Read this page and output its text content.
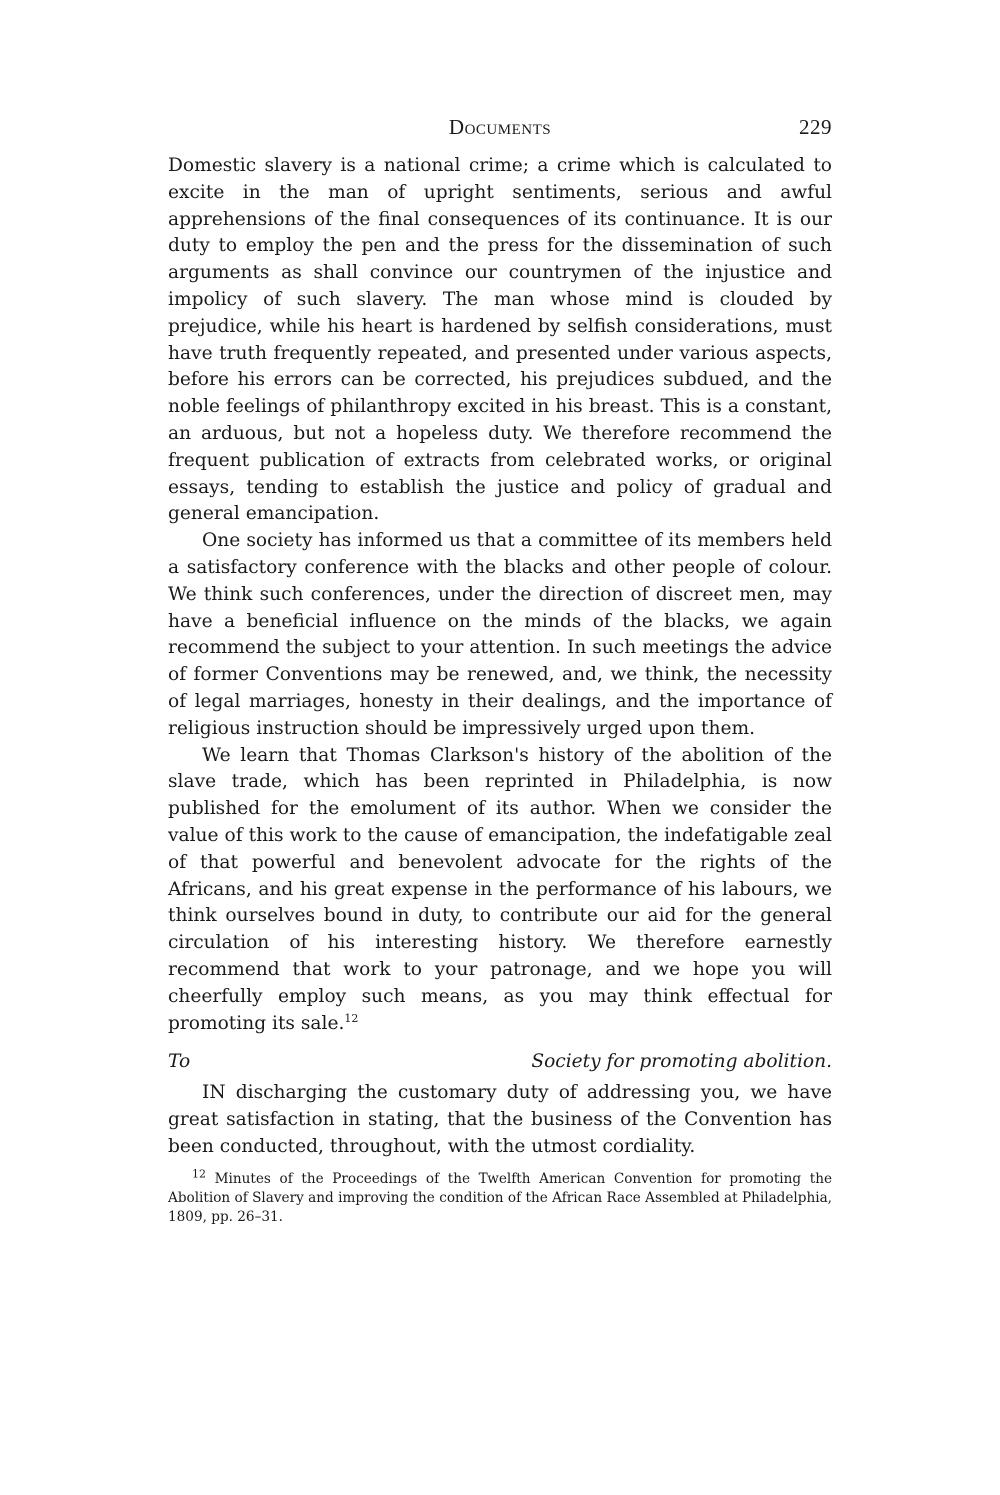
Documents	229

Domestic slavery is a national crime; a crime which is calculated to excite in the man of upright sentiments, serious and awful apprehensions of the final consequences of its continuance. It is our duty to employ the pen and the press for the dissemination of such arguments as shall convince our countrymen of the injustice and impolicy of such slavery. The man whose mind is clouded by prejudice, while his heart is hardened by selfish considerations, must have truth frequently repeated, and presented under various aspects, before his errors can be corrected, his prejudices subdued, and the noble feelings of philanthropy excited in his breast. This is a constant, an arduous, but not a hopeless duty. We therefore recommend the frequent publication of extracts from celebrated works, or original essays, tending to establish the justice and policy of gradual and general emancipation.

One society has informed us that a committee of its members held a satisfactory conference with the blacks and other people of colour. We think such conferences, under the direction of discreet men, may have a beneficial influence on the minds of the blacks, we again recommend the subject to your attention. In such meetings the advice of former Conventions may be renewed, and, we think, the necessity of legal marriages, honesty in their dealings, and the importance of religious instruction should be impressively urged upon them.

We learn that Thomas Clarkson's history of the abolition of the slave trade, which has been reprinted in Philadelphia, is now published for the emolument of its author. When we consider the value of this work to the cause of emancipation, the indefatigable zeal of that powerful and benevolent advocate for the rights of the Africans, and his great expense in the performance of his labours, we think ourselves bound in duty, to contribute our aid for the general circulation of his interesting history. We therefore earnestly recommend that work to your patronage, and we hope you will cheerfully employ such means, as you may think effectual for promoting its sale.$^{12}$

To	Society for promoting abolition.

IN discharging the customary duty of addressing you, we have great satisfaction in stating, that the business of the Convention has been conducted, throughout, with the utmost cordiality.

$^{12}$ Minutes of the Proceedings of the Twelfth American Convention for promoting the Abolition of Slavery and improving the condition of the African Race Assembled at Philadelphia, 1809, pp. 26–31.
